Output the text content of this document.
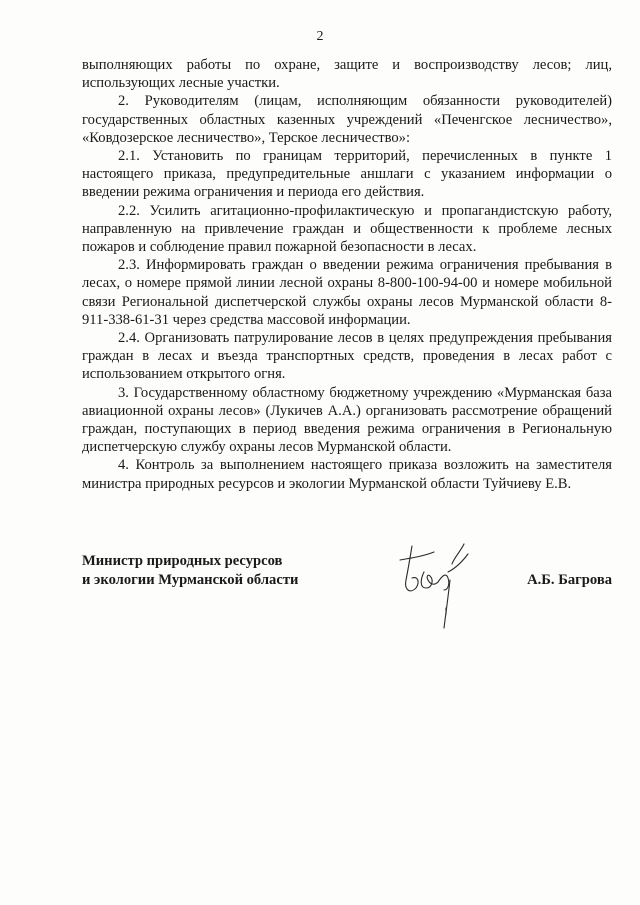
2

выполняющих работы по охране, защите и воспроизводству лесов; лиц, использующих лесные участки.

2. Руководителям (лицам, исполняющим обязанности руководителей) государственных областных казенных учреждений «Печенгское лесничество», «Ковдозерское лесничество», Терское лесничество»:

2.1. Установить по границам территорий, перечисленных в пункте 1 настоящего приказа, предупредительные аншлаги с указанием информации о введении режима ограничения и периода его действия.

2.2. Усилить агитационно-профилактическую и пропагандистскую работу, направленную на привлечение граждан и общественности к проблеме лесных пожаров и соблюдение правил пожарной безопасности в лесах.

2.3. Информировать граждан о введении режима ограничения пребывания в лесах, о номере прямой линии лесной охраны 8-800-100-94-00 и номере мобильной связи Региональной диспетчерской службы охраны лесов Мурманской области 8-911-338-61-31 через средства массовой информации.

2.4. Организовать патрулирование лесов в целях предупреждения пребывания граждан в лесах и въезда транспортных средств, проведения в лесах работ с использованием открытого огня.

3. Государственному областному бюджетному учреждению «Мурманская база авиационной охраны лесов» (Лукичев А.А.) организовать рассмотрение обращений граждан, поступающих в период введения режима ограничения в Региональную диспетчерскую службу охраны лесов Мурманской области.

4. Контроль за выполнением настоящего приказа возложить на заместителя министра природных ресурсов и экологии Мурманской области Туйчиеву Е.В.

Министр природных ресурсов
и экологии Мурманской области	А.Б. Багрова
